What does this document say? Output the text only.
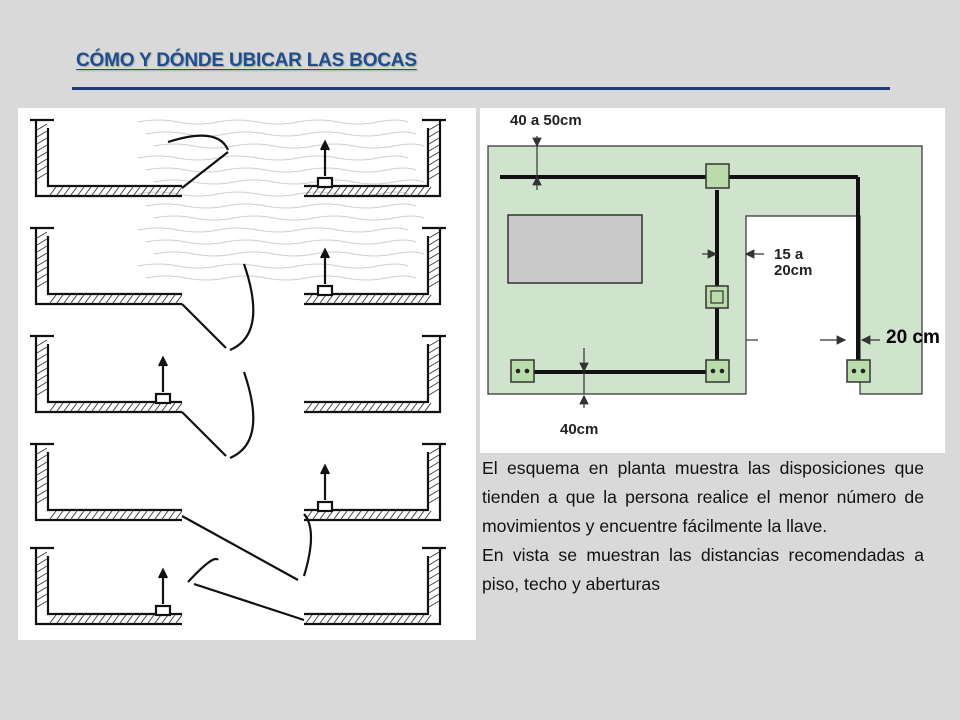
CÓMO Y DÓNDE UBICAR LAS BOCAS
40 a 50cm
15 a
20cm
20 cm
40cm

El esquema en planta muestra las disposiciones que tienden a que la persona realice el menor número de movimientos y encuentre fácilmente la llave.

En vista se muestran las distancias recomendadas a piso, techo y aberturas
